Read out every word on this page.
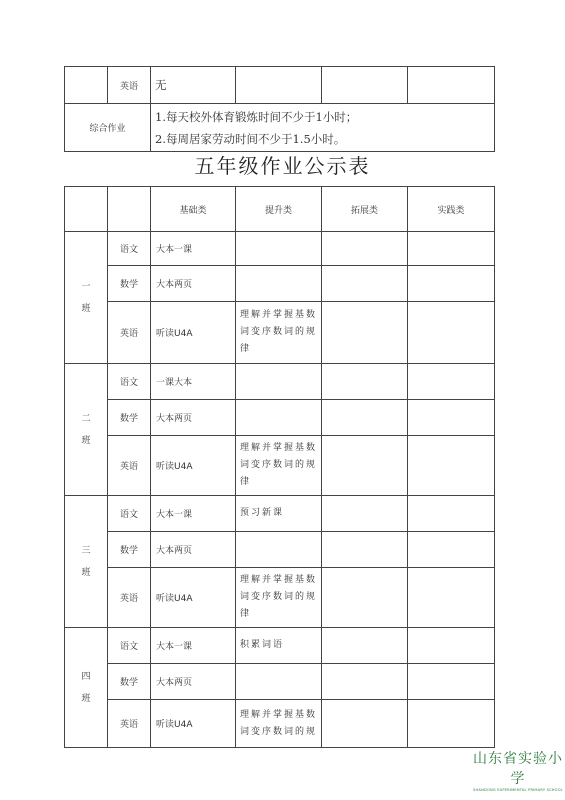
	英语	无			
综合作业		1.每天校外体育锻炼时间不少于1小时；
2.每周居家劳动时间不少于1.5小时。			
五年级作业公示表
		基础类	提升类	拓展类	实践类

一
班	语文	大本一课			
	数学	大本两页			
	英语	听读U4A	理解并掌握基数词变序数词的规律		

二
班	语文	一课大本			
	数学	大本两页			
	英语	听读U4A	理解并掌握基数词变序数词的规律		

三
班	语文	大本一课	预习新课		
	数学	大本两页			
	英语	听读U4A	理解并掌握基数词变序数词的规律		

四
班	语文	大本一课	积累词语		
	数学	大本两页			
	英语	听读U4A	理解并掌握基数词变序数词的规		
山东省实验小学
SHANDONG EXPERIMENTAL PRIMARY SCHOOL
